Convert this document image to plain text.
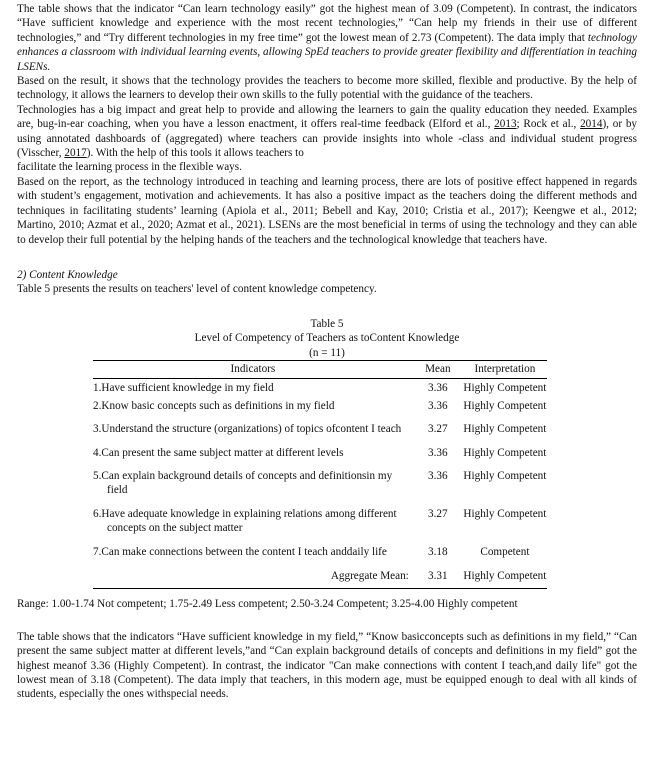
The table shows that the indicator “Can learn technology easily” got the highest mean of 3.09 (Competent). In contrast, the indicators “Have sufficient knowledge and experience with the most recent technologies,” “Can help my friends in their use of different technologies,” and “Try different technologies in my free time” got the lowest mean of 2.73 (Competent). The data imply that technology enhances a classroom with individual learning events, allowing SpEd teachers to provide greater flexibility and differentiation in teaching LSENs.

Based on the result, it shows that the technology provides the teachers to become more skilled, flexible and productive. By the help of technology, it allows the learners to develop their own skills to the fully potential with the guidance of the teachers.

Technologies has a big impact and great help to provide and allowing the learners to gain the quality education they needed. Examples are, bug-in-ear coaching, when you have a lesson enactment, it offers real-time feedback (Elford et al., 2013; Rock et al., 2014), or by using annotated dashboards of (aggregated) where teachers can provide insights into whole -class and individual student progress (Visscher, 2017). With the help of this tools it allows teachers to

facilitate the learning process in the flexible ways.

Based on the report, as the technology introduced in teaching and learning process, there are lots of positive effect happened in regards with student’s engagement, motivation and achievements. It has also a positive impact as the teachers doing the different methods and techniques in facilitating students’ learning (Apiola et al., 2011; Bebell and Kay, 2010; Cristia et al., 2017); Keengwe et al., 2012; Martino, 2010; Azmat et al., 2020; Azmat et al., 2021). LSENs are the most beneficial in terms of using the technology and they can able to develop their full potential by the helping hands of the teachers and the technological knowledge that teachers have.

2) Content Knowledge

Table 5 presents the results on teachers' level of content knowledge competency.

Table 5
Level of Competency of Teachers as toContent Knowledge
(n = 11)
Indicators	Mean	Interpretation
1.Have sufficient knowledge in my field	3.36	Highly Competent
2.Know basic concepts such as definitions in my field	3.36	Highly Competent
3.Understand the structure (organizations) of topics ofcontent I teach	3.27	Highly Competent
4.Can present the same subject matter at different levels	3.36	Highly Competent
5.Can explain background details of concepts and definitionsin my field	3.36	Highly Competent
6.Have adequate knowledge in explaining relations among different concepts on the subject matter	3.27	Highly Competent
7.Can make connections between the content I teach anddaily life	3.18	Competent
Aggregate Mean:	3.31	Highly Competent

Range: 1.00-1.74 Not competent; 1.75-2.49 Less competent; 2.50-3.24 Competent; 3.25-4.00 Highly competent

The table shows that the indicators “Have sufficient knowledge in my field,” “Know basicconcepts such as definitions in my field,” “Can present the same subject matter at different levels,”and “Can explain background details of concepts and definitions in my field” got the highest meanof 3.36 (Highly Competent). In contrast, the indicator "Can make connections with content I teach,and daily life" got the lowest mean of 3.18 (Competent). The data imply that teachers, in this modern age, must be equipped enough to deal with all kinds of students, especially the ones withspecial needs.
